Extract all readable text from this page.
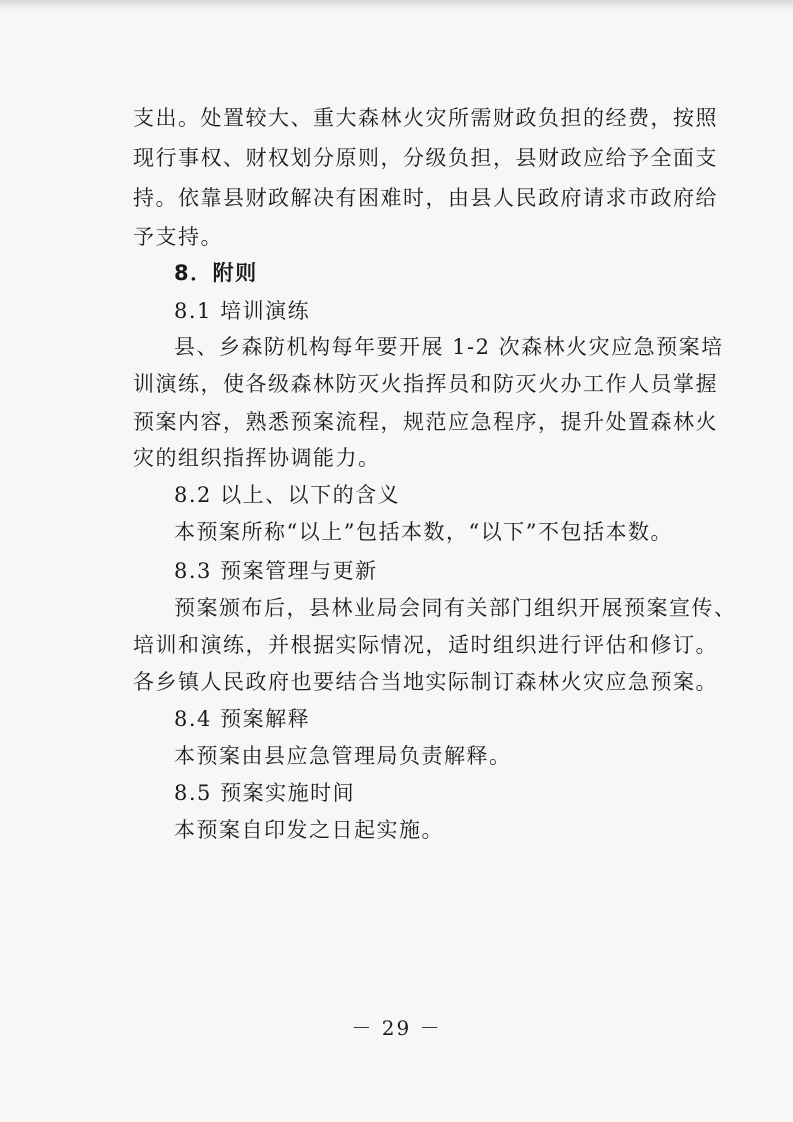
支出。处置较大、重大森林火灾所需财政负担的经费，按照
现行事权、财权划分原则，分级负担，县财政应给予全面支
持。依靠县财政解决有困难时，由县人民政府请求市政府给
予支持。
8．附则
8.1 培训演练
县、乡森防机构每年要开展 1-2 次森林火灾应急预案培
训演练，使各级森林防灭火指挥员和防灭火办工作人员掌握
预案内容，熟悉预案流程，规范应急程序，提升处置森林火
灾的组织指挥协调能力。
8.2 以上、以下的含义
本预案所称“以上”包括本数，“以下”不包括本数。
8.3 预案管理与更新
预案颁布后，县林业局会同有关部门组织开展预案宣传、
培训和演练，并根据实际情况，适时组织进行评估和修订。
各乡镇人民政府也要结合当地实际制订森林火灾应急预案。
8.4 预案解释
本预案由县应急管理局负责解释。
8.5 预案实施时间
本预案自印发之日起实施。
－ 29 －
